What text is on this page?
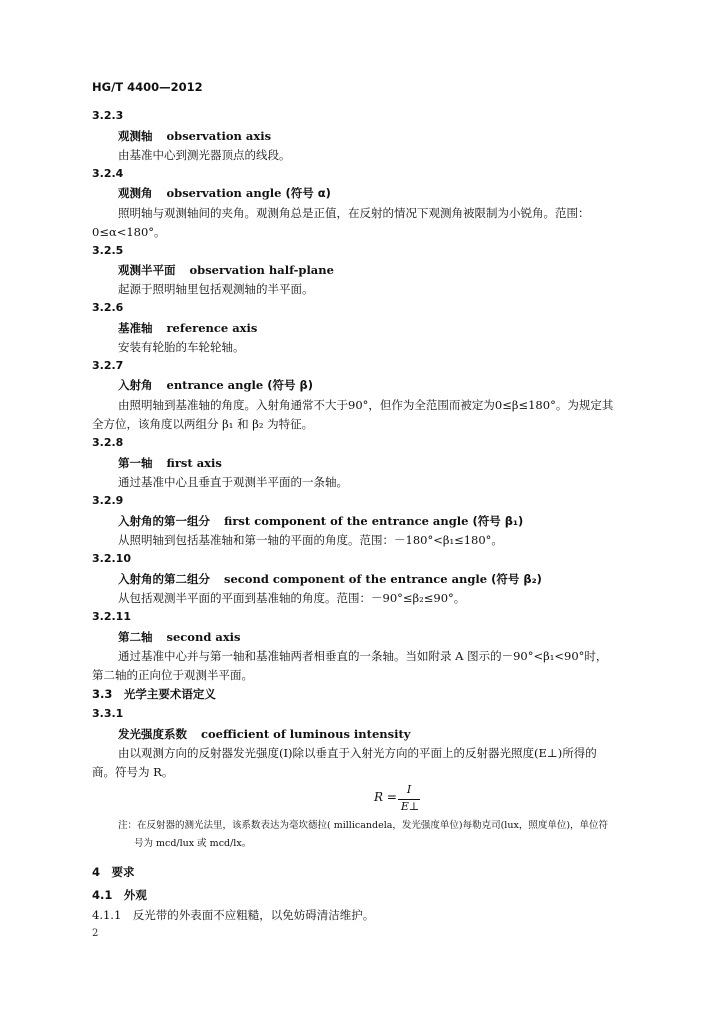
HG/T 4400—2012
3.2.3
观测轴 observation axis
由基准中心到测光器顶点的线段。
3.2.4
观测角 observation angle (符号 α)
照明轴与观测轴间的夹角。观测角总是正值，在反射的情况下观测角被限制为小锐角。范围：
0≤α<180°。
3.2.5
观测半平面 observation half-plane
起源于照明轴里包括观测轴的半平面。
3.2.6
基准轴 reference axis
安装有轮胎的车轮轮轴。
3.2.7
入射角 entrance angle (符号 β)
由照明轴到基准轴的角度。入射角通常不大于90°，但作为全范围而被定为0≤β≤180°。为规定其
全方位，该角度以两组分 β₁ 和 β₂ 为特征。
3.2.8
第一轴 first axis
通过基准中心且垂直于观测半平面的一条轴。
3.2.9
入射角的第一组分 first component of the entrance angle (符号 β₁)
从照明轴到包括基准轴和第一轴的平面的角度。范围：－180°<β₁≤180°。
3.2.10
入射角的第二组分 second component of the entrance angle (符号 β₂)
从包括观测半平面的平面到基准轴的角度。范围：－90°≤β₂≤90°。
3.2.11
第二轴 second axis
通过基准中心并与第一轴和基准轴两者相垂直的一条轴。当如附录 A 图示的－90°<β₁<90°时，
第二轴的正向位于观测半平面。
3.3　光学主要术语定义
3.3.1
发光强度系数 coefficient of luminous intensity
由以观测方向的反射器发光强度(I)除以垂直于入射光方向的平面上的反射器光照度(E⊥)所得的
商。符号为 R。
R =
I
E⊥
注：在反射器的测光法里，该系数表达为毫坎德拉( millicandela，发光强度单位)每勒克司(lux，照度单位)，单位符
号为 mcd/lux 或 mcd/lx。
4　要求
4.1　外观
4.1.1　反光带的外表面不应粗糙，以免妨碍清洁维护。
2
